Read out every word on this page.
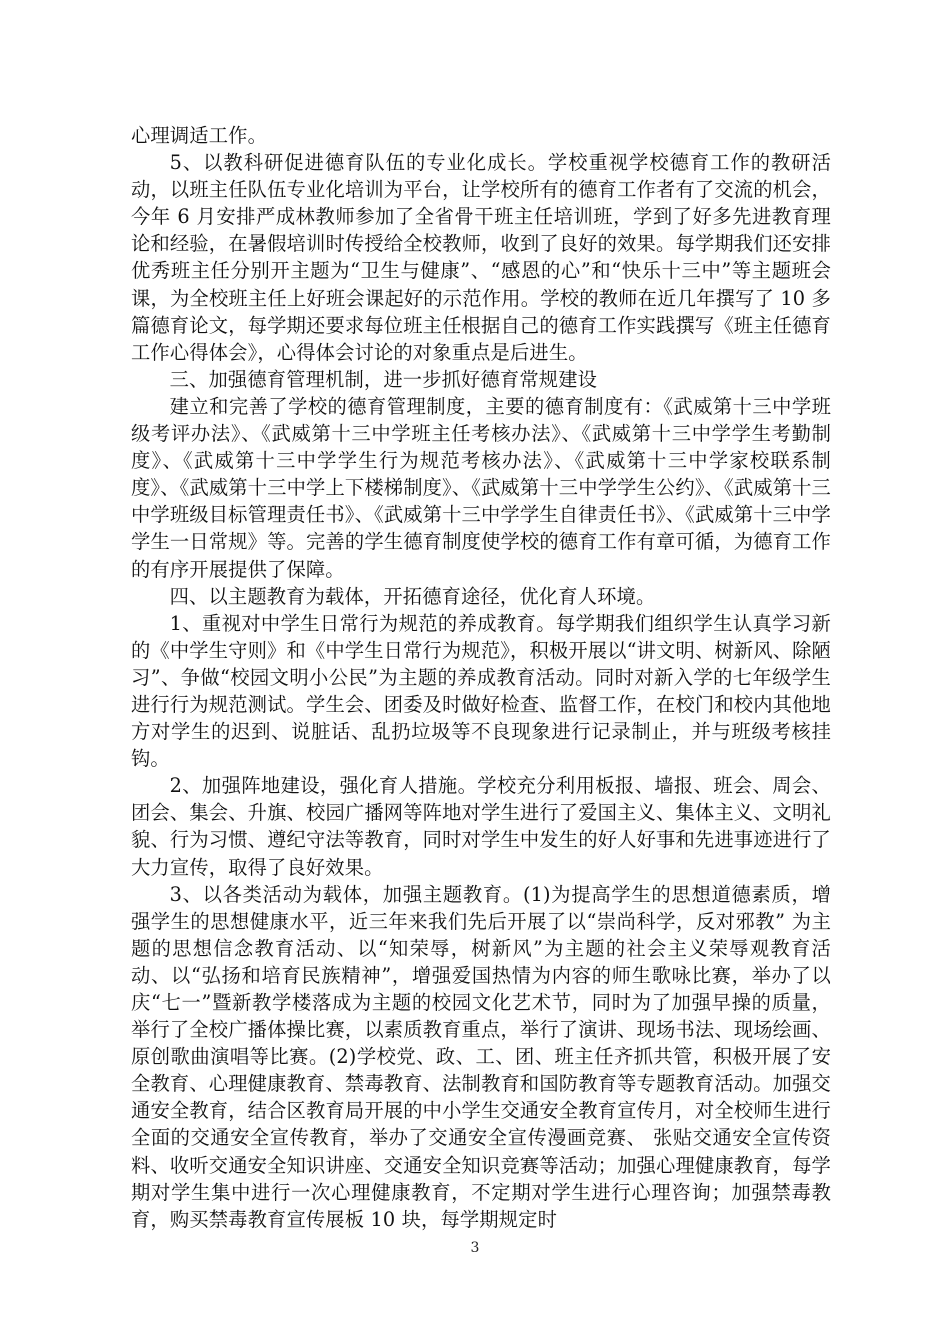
心理调适工作。

5、以教科研促进德育队伍的专业化成长。学校重视学校德育工作的教研活动，以班主任队伍专业化培训为平台，让学校所有的德育工作者有了交流的机会，今年 6 月安排严成林教师参加了全省骨干班主任培训班，学到了好多先进教育理论和经验，在暑假培训时传授给全校教师，收到了良好的效果。每学期我们还安排优秀班主任分别开主题为“卫生与健康”、“感恩的心”和“快乐十三中”等主题班会课，为全校班主任上好班会课起好的示范作用。学校的教师在近几年撰写了 10 多篇德育论文，每学期还要求每位班主任根据自己的德育工作实践撰写《班主任德育工作心得体会》，心得体会讨论的对象重点是后进生。

三、加强德育管理机制，进一步抓好德育常规建设

建立和完善了学校的德育管理制度，主要的德育制度有：《武威第十三中学班级考评办法》、《武威第十三中学班主任考核办法》、《武威第十三中学学生考勤制度》、《武威第十三中学学生行为规范考核办法》、《武威第十三中学家校联系制度》、《武威第十三中学上下楼梯制度》、《武威第十三中学学生公约》、《武威第十三中学班级目标管理责任书》、《武威第十三中学学生自律责任书》、《武威第十三中学学生一日常规》等。完善的学生德育制度使学校的德育工作有章可循，为德育工作的有序开展提供了保障。

四、以主题教育为载体，开拓德育途径，优化育人环境。

1、重视对中学生日常行为规范的养成教育。每学期我们组织学生认真学习新的《中学生守则》和《中学生日常行为规范》，积极开展以“讲文明、树新风、除陋习”、争做“校园文明小公民”为主题的养成教育活动。同时对新入学的七年级学生进行行为规范测试。学生会、团委及时做好检查、监督工作，在校门和校内其他地方对学生的迟到、说脏话、乱扔垃圾等不良现象进行记录制止，并与班级考核挂钩。

2、加强阵地建设，强化育人措施。学校充分利用板报、墙报、班会、周会、团会、集会、升旗、校园广播网等阵地对学生进行了爱国主义、集体主义、文明礼貌、行为习惯、遵纪守法等教育，同时对学生中发生的好人好事和先进事迹进行了大力宣传，取得了良好效果。

3、以各类活动为载体，加强主题教育。(1)为提高学生的思想道德素质，增强学生的思想健康水平，近三年来我们先后开展了以“崇尚科学，反对邪教” 为主题的思想信念教育活动、以“知荣辱，树新风”为主题的社会主义荣辱观教育活动、以“弘扬和培育民族精神”，增强爱国热情为内容的师生歌咏比赛，举办了以庆“七一”暨新教学楼落成为主题的校园文化艺术节，同时为了加强早操的质量，举行了全校广播体操比赛，以素质教育重点，举行了演讲、现场书法、现场绘画、原创歌曲演唱等比赛。(2)学校党、政、工、团、班主任齐抓共管，积极开展了安全教育、心理健康教育、禁毒教育、法制教育和国防教育等专题教育活动。加强交通安全教育，结合区教育局开展的中小学生交通安全教育宣传月，对全校师生进行全面的交通安全宣传教育，举办了交通安全宣传漫画竞赛、 张贴交通安全宣传资料、收听交通安全知识讲座、交通安全知识竞赛等活动；加强心理健康教育，每学期对学生集中进行一次心理健康教育，不定期对学生进行心理咨询；加强禁毒教育，购买禁毒教育宣传展板 10 块，每学期规定时

3
